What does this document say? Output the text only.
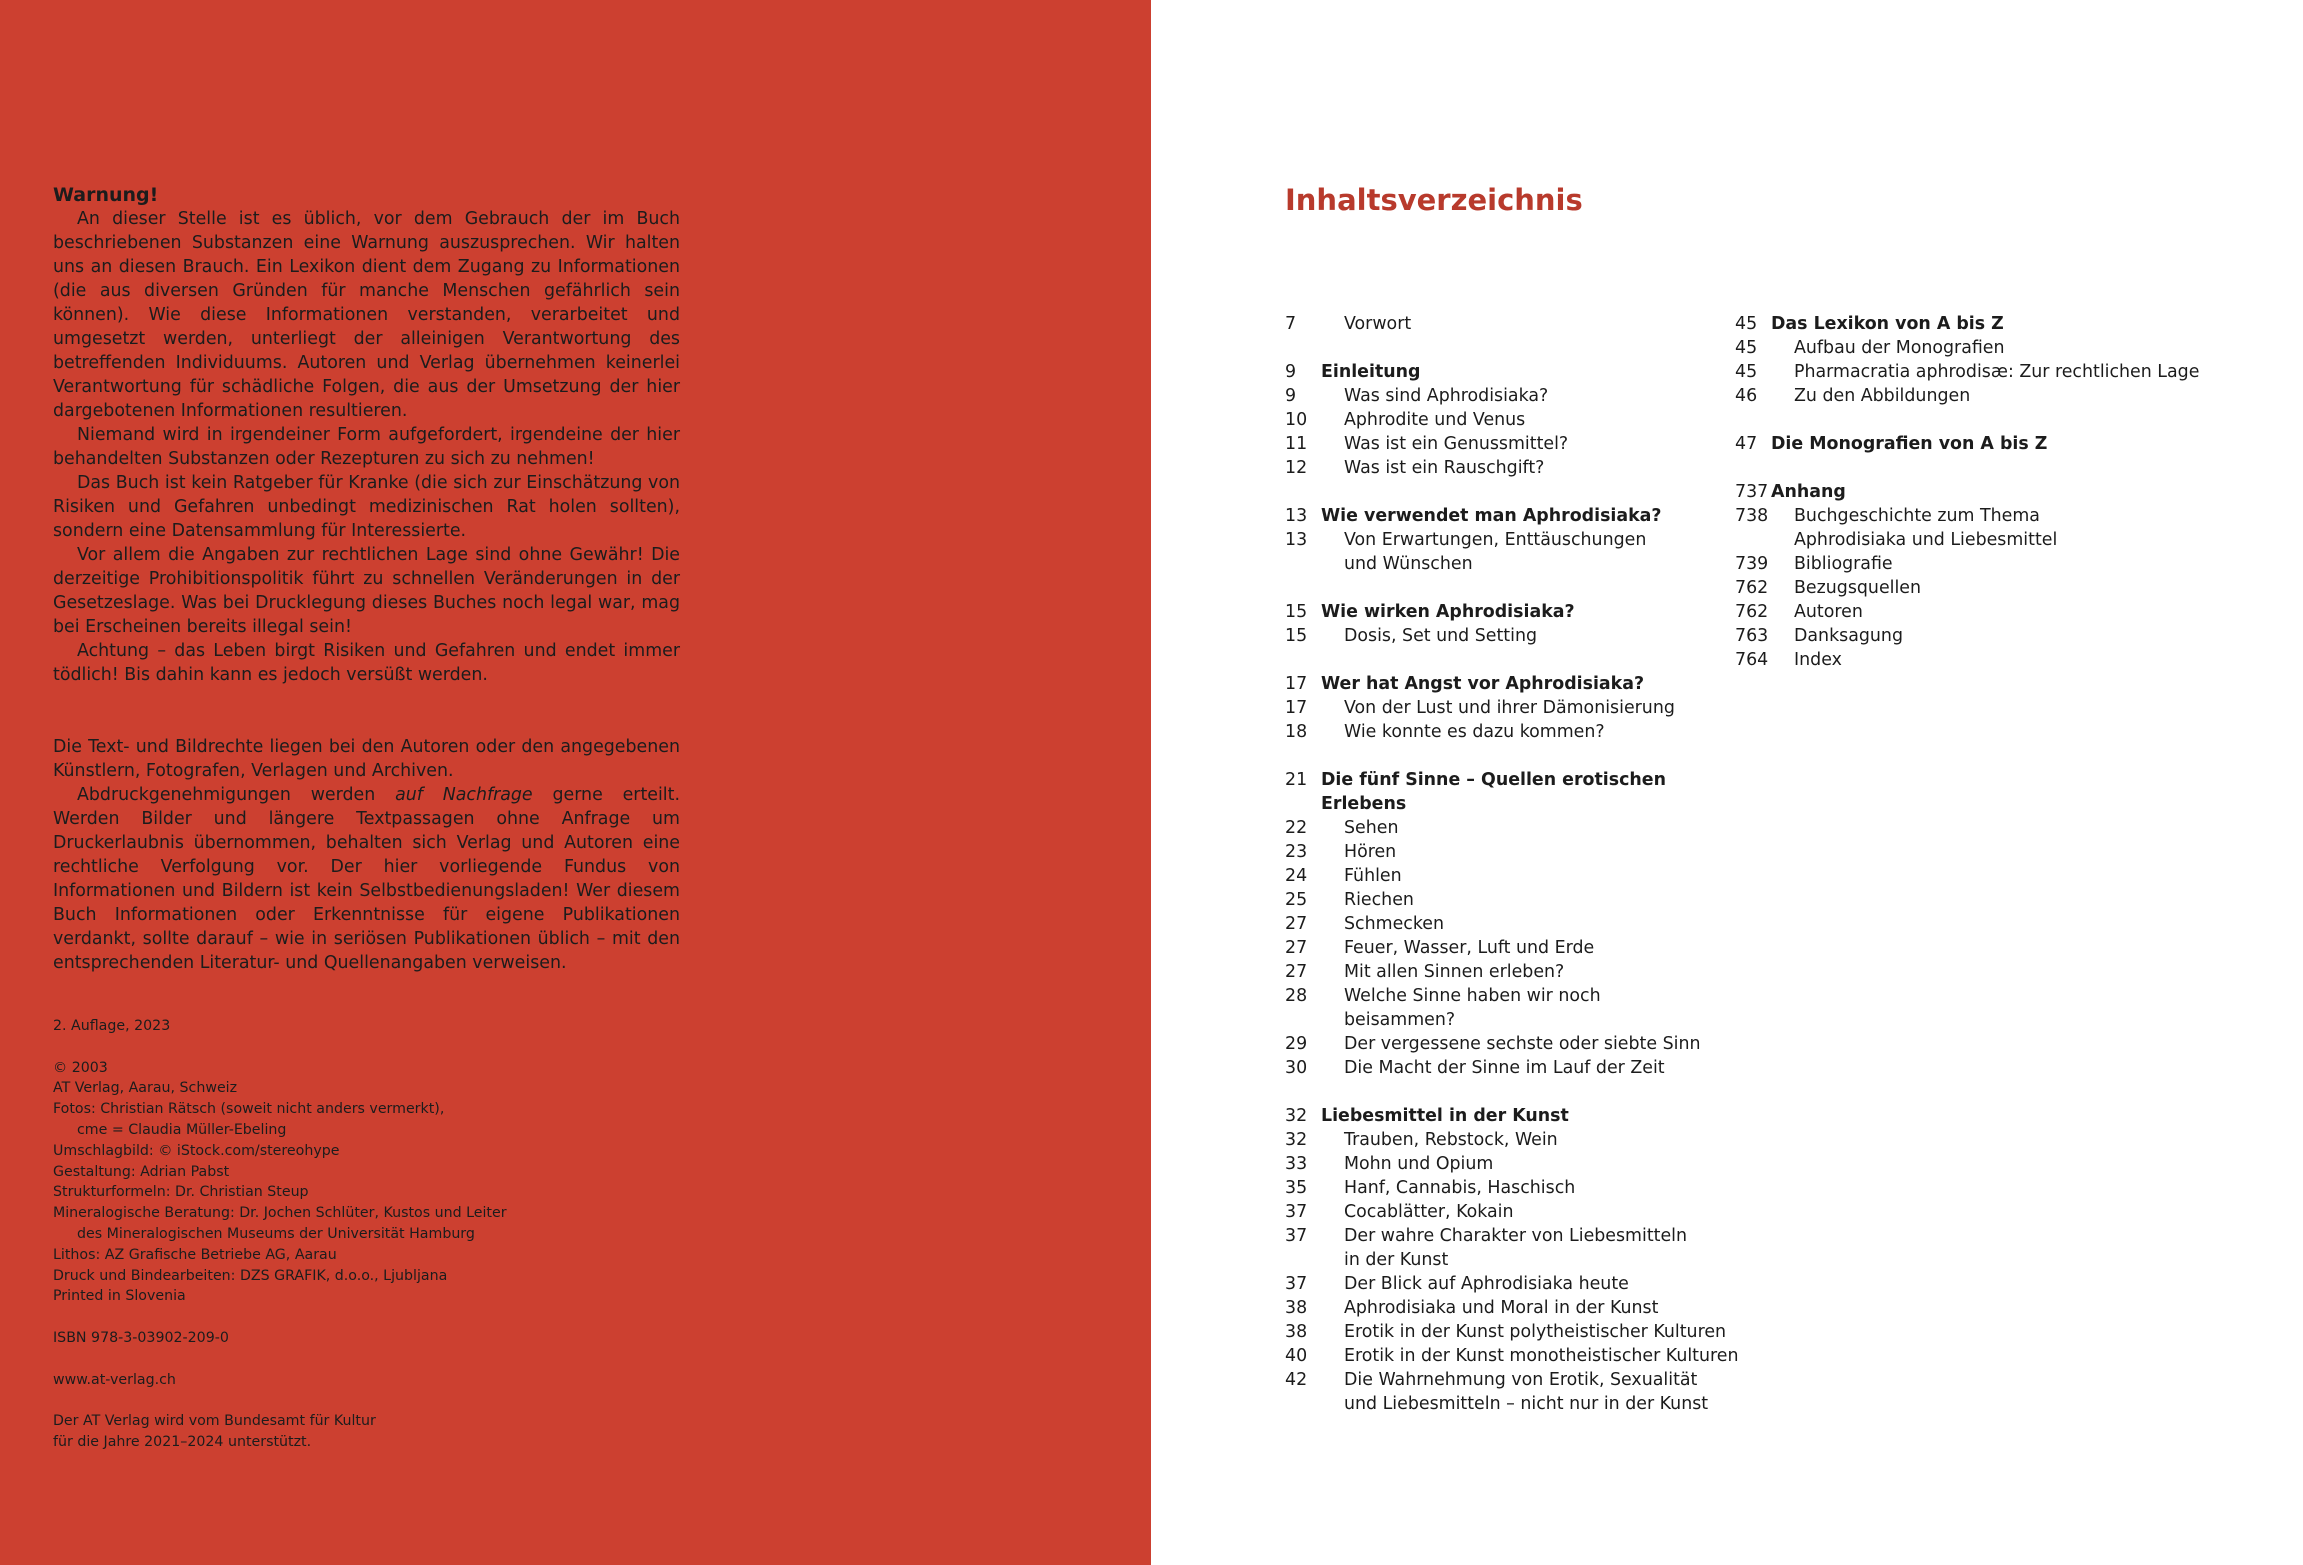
Warnung!

An dieser Stelle ist es üblich, vor dem Gebrauch der im Buch beschriebenen Substanzen eine Warnung auszusprechen. Wir halten uns an diesen Brauch. Ein Lexikon dient dem Zugang zu Informationen (die aus diversen Gründen für manche Menschen gefährlich sein können). Wie diese Informationen verstanden, verarbeitet und umgesetzt werden, unterliegt der alleinigen Verantwortung des betreffenden Individuums. Autoren und Verlag übernehmen keinerlei Verantwortung für schädliche Folgen, die aus der Umsetzung der hier dargebotenen Informationen resultieren.

Niemand wird in irgendeiner Form aufgefordert, irgendeine der hier behandelten Substanzen oder Rezepturen zu sich zu nehmen!

Das Buch ist kein Ratgeber für Kranke (die sich zur Einschätzung von Risiken und Gefahren unbedingt medizinischen Rat holen sollten), sondern eine Datensammlung für Interessierte.

Vor allem die Angaben zur rechtlichen Lage sind ohne Gewähr! Die derzeitige Prohibitionspolitik führt zu schnellen Veränderungen in der Gesetzeslage. Was bei Drucklegung dieses Buches noch legal war, mag bei Erscheinen bereits illegal sein!

Achtung – das Leben birgt Risiken und Gefahren und endet immer tödlich! Bis dahin kann es jedoch versüßt werden.

Die Text- und Bildrechte liegen bei den Autoren oder den angegebenen Künstlern, Fotografen, Verlagen und Archiven.

Abdruckgenehmigungen werden auf Nachfrage gerne erteilt. Werden Bilder und längere Textpassagen ohne Anfrage um Druckerlaubnis übernommen, behalten sich Verlag und Autoren eine rechtliche Verfolgung vor. Der hier vorliegende Fundus von Informationen und Bildern ist kein Selbstbedienungsladen! Wer diesem Buch Informationen oder Erkenntnisse für eigene Publikationen verdankt, sollte darauf – wie in seriösen Publikationen üblich – mit den entsprechenden Literatur- und Quellenangaben verweisen.

2. Auflage, 2023
© 2003
AT Verlag, Aarau, Schweiz
Fotos: Christian Rätsch (soweit nicht anders vermerkt),
cme = Claudia Müller-Ebeling
Umschlagbild: © iStock.com/stereohype
Gestaltung: Adrian Pabst
Strukturformeln: Dr. Christian Steup
Mineralogische Beratung: Dr. Jochen Schlüter, Kustos und Leiter
des Mineralogischen Museums der Universität Hamburg
Lithos: AZ Grafische Betriebe AG, Aarau
Druck und Bindearbeiten: DZS GRAFIK, d.o.o., Ljubljana
Printed in Slovenia
ISBN 978-3-03902-209-0
www.at-verlag.ch
Der AT Verlag wird vom Bundesamt für Kultur
für die Jahre 2021–2024 unterstützt.
Inhaltsverzeichnis
7	Vorwort
9	Einleitung
9	Was sind Aphrodisiaka?
10	Aphrodite und Venus
11	Was ist ein Genussmittel?
12	Was ist ein Rauschgift?
13 Wie verwendet man Aphrodisiaka?
13	Von Erwartungen, Enttäuschungen
und Wünschen
15 Wie wirken Aphrodisiaka?
15	Dosis, Set und Setting
17 Wer hat Angst vor Aphrodisiaka?
17	Von der Lust und ihrer Dämonisierung
18	Wie konnte es dazu kommen?
21 Die fünf Sinne – Quellen erotischen Erlebens
22	Sehen
23	Hören
24	Fühlen
25	Riechen
27	Schmecken
27	Feuer, Wasser, Luft und Erde
27	Mit allen Sinnen erleben?
28	Welche Sinne haben wir noch
beisammen?
29	Der vergessene sechste oder siebte Sinn
30	Die Macht der Sinne im Lauf der Zeit
32 Liebesmittel in der Kunst
32	Trauben, Rebstock, Wein
33	Mohn und Opium
35	Hanf, Cannabis, Haschisch
37	Cocablätter, Kokain
37	Der wahre Charakter von Liebesmitteln
in der Kunst
37	Der Blick auf Aphrodisiaka heute
38	Aphrodisiaka und Moral in der Kunst
38	Erotik in der Kunst polytheistischer Kulturen
40	Erotik in der Kunst monotheistischer Kulturen
42	Die Wahrnehmung von Erotik, Sexualität
und Liebesmitteln – nicht nur in der Kunst
45 Das Lexikon von A bis Z
45	Aufbau der Monografien
45	Pharmacratia aphrodisæ: Zur rechtlichen Lage
46	Zu den Abbildungen
47 Die Monografien von A bis Z
737 Anhang
738	Buchgeschichte zum Thema
Aphrodisiaka und Liebesmittel
739	Bibliografie
762	Bezugsquellen
762	Autoren
763	Danksagung
764	Index
